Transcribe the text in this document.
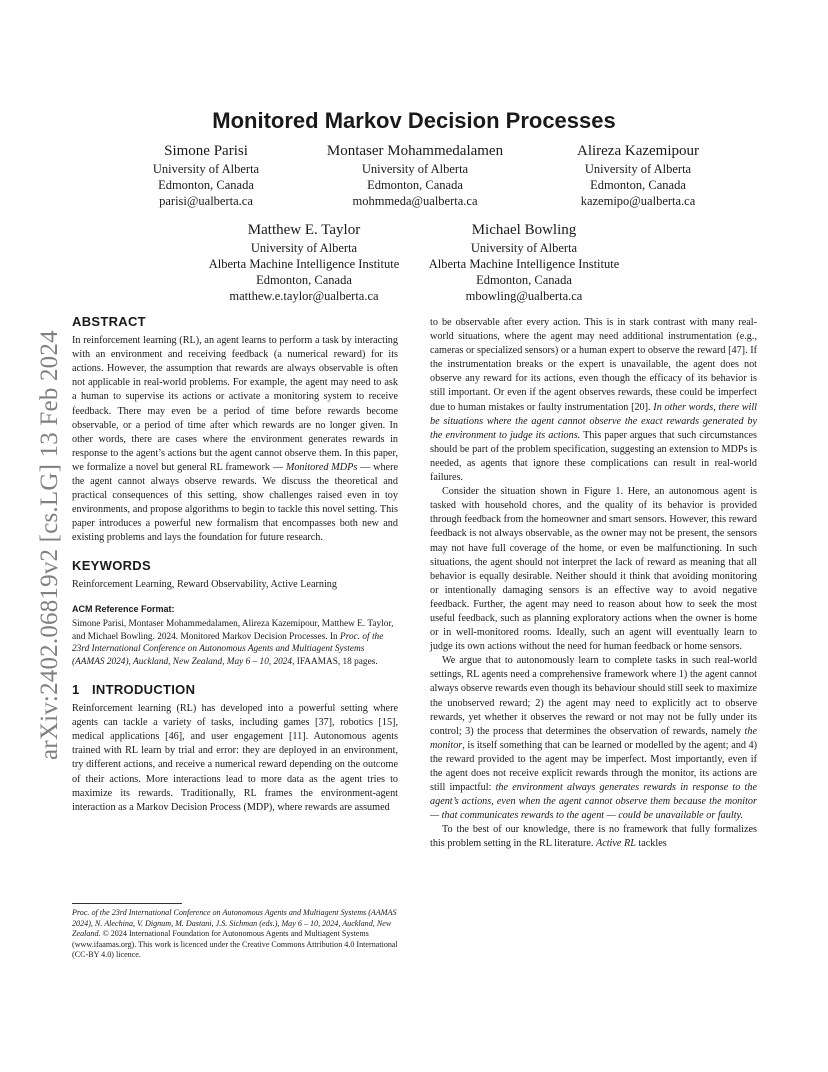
arXiv:2402.06819v2 [cs.LG] 13 Feb 2024
Monitored Markov Decision Processes
Simone Parisi
University of Alberta
Edmonton, Canada
parisi@ualberta.ca
Montaser Mohammedalamen
University of Alberta
Edmonton, Canada
mohmmeda@ualberta.ca
Alireza Kazemipour
University of Alberta
Edmonton, Canada
kazemipo@ualberta.ca
Matthew E. Taylor
University of Alberta
Alberta Machine Intelligence Institute
Edmonton, Canada
matthew.e.taylor@ualberta.ca
Michael Bowling
University of Alberta
Alberta Machine Intelligence Institute
Edmonton, Canada
mbowling@ualberta.ca
ABSTRACT

In reinforcement learning (RL), an agent learns to perform a task by interacting with an environment and receiving feedback (a numerical reward) for its actions. However, the assumption that rewards are always observable is often not applicable in real-world problems. For example, the agent may need to ask a human to supervise its actions or activate a monitoring system to receive feedback. There may even be a period of time before rewards become observable, or a period of time after which rewards are no longer given. In other words, there are cases where the environment generates rewards in response to the agent’s actions but the agent cannot observe them. In this paper, we formalize a novel but general RL framework — Monitored MDPs — where the agent cannot always observe rewards. We discuss the theoretical and practical consequences of this setting, show challenges raised even in toy environments, and propose algorithms to begin to tackle this novel setting. This paper introduces a powerful new formalism that encompasses both new and existing problems and lays the foundation for future research.

KEYWORDS

Reinforcement Learning, Reward Observability, Active Learning

ACM Reference Format:

Simone Parisi, Montaser Mohammedalamen, Alireza Kazemipour, Matthew E. Taylor, and Michael Bowling. 2024. Monitored Markov Decision Processes. In Proc. of the 23rd International Conference on Autonomous Agents and Multiagent Systems (AAMAS 2024), Auckland, New Zealand, May 6 – 10, 2024, IFAAMAS, 18 pages.

1 INTRODUCTION

Reinforcement learning (RL) has developed into a powerful setting where agents can tackle a variety of tasks, including games [37], robotics [15], medical applications [46], and user engagement [11]. Autonomous agents trained with RL learn by trial and error: they are deployed in an environment, try different actions, and receive a numerical reward depending on the outcome of their actions. More interactions lead to more data as the agent tries to maximize its rewards. Traditionally, RL frames the environment-agent interaction as a Markov Decision Process (MDP), where rewards are assumed

Proc. of the 23rd International Conference on Autonomous Agents and Multiagent Systems (AAMAS 2024), N. Alechina, V. Dignum, M. Dastani, J.S. Sichman (eds.), May 6 – 10, 2024, Auckland, New Zealand. © 2024 International Foundation for Autonomous Agents and Multiagent Systems (www.ifaamas.org). This work is licenced under the Creative Commons Attribution 4.0 International (CC-BY 4.0) licence.

to be observable after every action. This is in stark contrast with many real-world situations, where the agent may need additional instrumentation (e.g., cameras or specialized sensors) or a human expert to observe the reward [47]. If the instrumentation breaks or the expert is unavailable, the agent does not observe any reward for its actions, even though the efficacy of its behavior is still important. Or even if the agent observes rewards, these could be imperfect due to human mistakes or faulty instrumentation [20]. In other words, there will be situations where the agent cannot observe the exact rewards generated by the environment to judge its actions. This paper argues that such circumstances should be part of the problem specification, suggesting an extension to MDPs is needed, as agents that ignore these complications can result in real-world failures.

Consider the situation shown in Figure 1. Here, an autonomous agent is tasked with household chores, and the quality of its behavior is provided through feedback from the homeowner and smart sensors. However, this reward feedback is not always observable, as the owner may not be present, the sensors may not have full coverage of the home, or even be malfunctioning. In such situations, the agent should not interpret the lack of reward as meaning that all behavior is equally desirable. Neither should it think that avoiding monitoring or intentionally damaging sensors is an effective way to avoid negative feedback. Further, the agent may need to reason about how to seek the most useful feedback, such as planning exploratory actions when the owner is home or in well-monitored rooms. Ideally, such an agent will eventually learn to judge its own actions without the need for human feedback or home sensors.

We argue that to autonomously learn to complete tasks in such real-world settings, RL agents need a comprehensive framework where 1) the agent cannot always observe rewards even though its behaviour should still seek to maximize the unobserved reward; 2) the agent may need to explicitly act to observe rewards, yet whether it observes the reward or not may not be fully under its control; 3) the process that determines the observation of rewards, namely the monitor, is itself something that can be learned or modelled by the agent; and 4) the reward provided to the agent may be imperfect. Most importantly, even if the agent does not receive explicit rewards through the monitor, its actions are still impactful: the environment always generates rewards in response to the agent’s actions, even when the agent cannot observe them because the monitor — that communicates rewards to the agent — could be unavailable or faulty.

To the best of our knowledge, there is no framework that fully formalizes this problem setting in the RL literature. Active RL tackles
